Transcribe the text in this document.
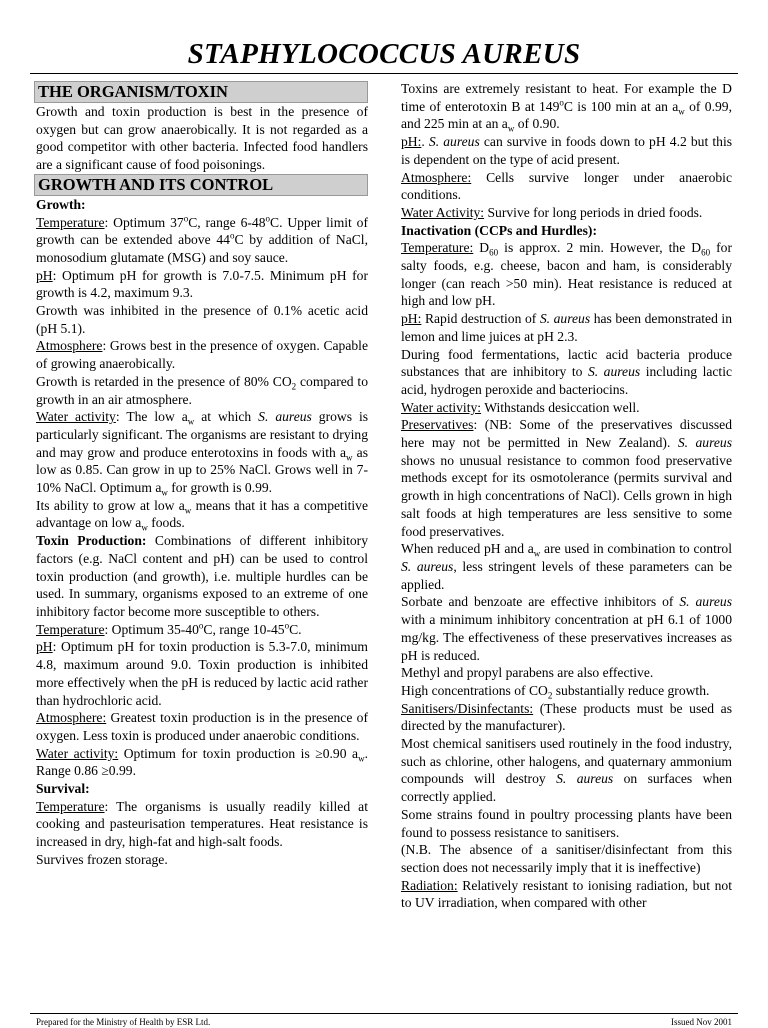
STAPHYLOCOCCUS AUREUS
THE ORGANISM/TOXIN

Growth and toxin production is best in the presence of oxygen but can grow anaerobically. It is not regarded as a good competitor with other bacteria. Infected food handlers are a significant cause of food poisonings.

GROWTH AND ITS CONTROL

Growth:

Temperature: Optimum 37$^o$C, range 6-48$^o$C. Upper limit of growth can be extended above 44$^o$C by addition of NaCl, monosodium glutamate (MSG) and soy sauce.

pH: Optimum pH for growth is 7.0-7.5. Minimum pH for growth is 4.2, maximum 9.3.

Growth was inhibited in the presence of 0.1% acetic acid (pH 5.1).

Atmosphere: Grows best in the presence of oxygen. Capable of growing anaerobically.

Growth is retarded in the presence of 80% $CO_2$ compared to growth in an air atmosphere.

Water activity: The low $a_w$ at which S. aureus grows is particularly significant. The organisms are resistant to drying and may grow and produce enterotoxins in foods with $a_w$ as low as 0.85. Can grow in up to 25% NaCl. Grows well in 7-10% NaCl. Optimum $a_w$ for growth is 0.99.

Its ability to grow at low $a_w$ means that it has a competitive advantage on low $a_w$ foods.

Toxin Production: Combinations of different inhibitory factors (e.g. NaCl content and pH) can be used to control toxin production (and growth), i.e. multiple hurdles can be used. In summary, organisms exposed to an extreme of one inhibitory factor become more susceptible to others.

Temperature: Optimum 35-40$^o$C, range 10-45$^o$C.

pH: Optimum pH for toxin production is 5.3-7.0, minimum 4.8, maximum around 9.0. Toxin production is inhibited more effectively when the pH is reduced by lactic acid rather than hydrochloric acid.

Atmosphere: Greatest toxin production is in the presence of oxygen. Less toxin is produced under anaerobic conditions.

Water activity: Optimum for toxin production is ≥0.90 $a_w$. Range 0.86 ≥0.99.

Survival:

Temperature: The organisms is usually readily killed at cooking and pasteurisation temperatures. Heat resistance is increased in dry, high-fat and high-salt foods.

Survives frozen storage.

Toxins are extremely resistant to heat. For example the D time of enterotoxin B at 149$^o$C is 100 min at an $a_w$ of 0.99, and 225 min at an $a_w$ of 0.90.

pH:. S. aureus can survive in foods down to pH 4.2 but this is dependent on the type of acid present.

Atmosphere: Cells survive longer under anaerobic conditions.

Water Activity: Survive for long periods in dried foods.

Inactivation (CCPs and Hurdles):

Temperature: $D_{60}$ is approx. 2 min. However, the $D_{60}$ for salty foods, e.g. cheese, bacon and ham, is considerably longer (can reach >50 min). Heat resistance is reduced at high and low pH.

pH: Rapid destruction of S. aureus has been demonstrated in lemon and lime juices at pH 2.3.

During food fermentations, lactic acid bacteria produce substances that are inhibitory to S. aureus including lactic acid, hydrogen peroxide and bacteriocins.

Water activity: Withstands desiccation well.

Preservatives: (NB: Some of the preservatives discussed here may not be permitted in New Zealand). S. aureus shows no unusual resistance to common food preservative methods except for its osmotolerance (permits survival and growth in high concentrations of NaCl). Cells grown in high salt foods at high temperatures are less sensitive to some food preservatives.

When reduced pH and $a_w$ are used in combination to control S. aureus, less stringent levels of these parameters can be applied.

Sorbate and benzoate are effective inhibitors of S. aureus with a minimum inhibitory concentration at pH 6.1 of 1000 mg/kg. The effectiveness of these preservatives increases as pH is reduced.

Methyl and propyl parabens are also effective.

High concentrations of $CO_2$ substantially reduce growth.

Sanitisers/Disinfectants: (These products must be used as directed by the manufacturer).

Most chemical sanitisers used routinely in the food industry, such as chlorine, other halogens, and quaternary ammonium compounds will destroy S. aureus on surfaces when correctly applied.

Some strains found in poultry processing plants have been found to possess resistance to sanitisers.

(N.B. The absence of a sanitiser/disinfectant from this section does not necessarily imply that it is ineffective)

Radiation: Relatively resistant to ionising radiation, but not to UV irradiation, when compared with other

Prepared for the Ministry of Health by ESR Ltd.	Issued Nov 2001
